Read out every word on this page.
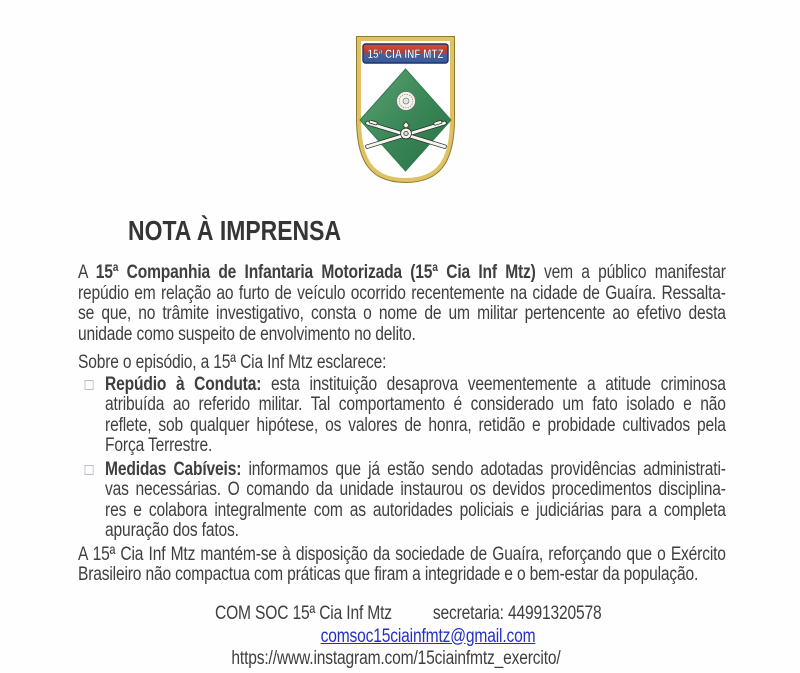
15ª CIA INF MTZ
NOTA À IMPRENSA
A 15ª Companhia de Infantaria Motorizada (15ª Cia Inf Mtz) vem a público manifestar
repúdio em relação ao furto de veículo ocorrido recentemente na cidade de Guaíra. Ressalta-
se que, no trâmite investigativo, consta o nome de um militar pertencente ao efetivo desta
unidade como suspeito de envolvimento no delito.
Sobre o episódio, a 15ª Cia Inf Mtz esclarece:
Repúdio à Conduta: esta instituição desaprova veementemente a atitude criminosa
atribuída ao referido militar. Tal comportamento é considerado um fato isolado e não
reflete, sob qualquer hipótese, os valores de honra, retidão e probidade cultivados pela
Força Terrestre.
Medidas Cabíveis: informamos que já estão sendo adotadas providências administrati-
vas necessárias. O comando da unidade instaurou os devidos procedimentos disciplina-
res e colabora integralmente com as autoridades policiais e judiciárias para a completa
apuração dos fatos.
A 15ª Cia Inf Mtz mantém-se à disposição da sociedade de Guaíra, reforçando que o Exército
Brasileiro não compactua com práticas que firam a integridade e o bem-estar da população.
COM SOC 15ª Cia Inf Mtz secretaria: 44991320578
comsoc15ciainfmtz@gmail.com
https://www.instagram.com/15ciainfmtz_exercito/
